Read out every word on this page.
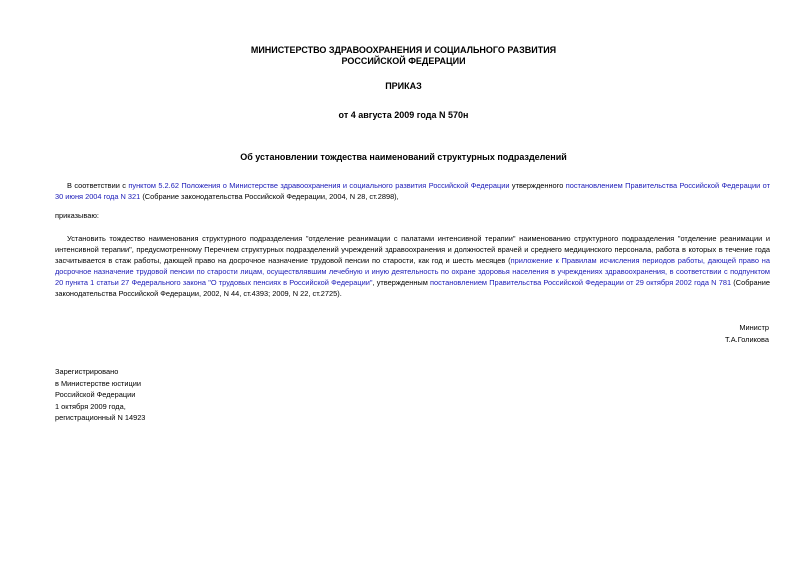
МИНИСТЕРСТВО ЗДРАВООХРАНЕНИЯ И СОЦИАЛЬНОГО РАЗВИТИЯ
РОССИЙСКОЙ ФЕДЕРАЦИИ
ПРИКАЗ
от 4 августа 2009 года N 570н
Об установлении тождества наименований структурных подразделений
В соответствии с пунктом 5.2.62 Положения о Министерстве здравоохранения и социального развития Российской Федерации утвержденного постановлением Правительства Российской Федерации от 30 июня 2004 года N 321 (Собрание законодательства Российской Федерации, 2004, N 28, ст.2898),
приказываю:
Установить тождество наименования структурного подразделения "отделение реанимации с палатами интенсивной терапии" наименованию структурного подразделения "отделение реанимации и интенсивной терапии", предусмотренному Перечнем структурных подразделений учреждений здравоохранения и должностей врачей и среднего медицинского персонала, работа в которых в течение года засчитывается в стаж работы, дающей право на досрочное назначение трудовой пенсии по старости, как год и шесть месяцев (приложение к Правилам исчисления периодов работы, дающей право на досрочное назначение трудовой пенсии по старости лицам, осуществлявшим лечебную и иную деятельность по охране здоровья населения в учреждениях здравоохранения, в соответствии с подпунктом 20 пункта 1 статьи 27 Федерального закона "О трудовых пенсиях в Российской Федерации", утвержденным постановлением Правительства Российской Федерации от 29 октября 2002 года N 781 (Собрание законодательства Российской Федерации, 2002, N 44, ст.4393; 2009, N 22, ст.2725).
Министр
Т.А.Голикова
Зарегистрировано
в Министерстве юстиции
Российской Федерации
1 октября 2009 года,
регистрационный N 14923
